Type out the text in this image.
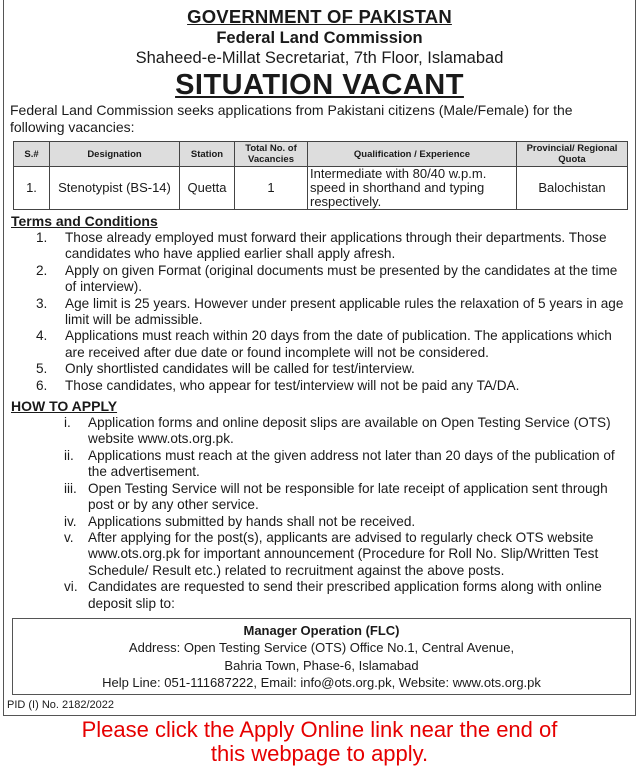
GOVERNMENT OF PAKISTAN
Federal Land Commission
Shaheed-e-Millat Secretariat, 7th Floor, Islamabad
SITUATION VACANT
Federal Land Commission seeks applications from Pakistani citizens (Male/Female) for the following vacancies:
S.#	Designation	Station	Total No. of Vacancies	Qualification / Experience	Provincial/ Regional Quota
1.	Stenotypist (BS-14)	Quetta	1	Intermediate with 80/40 w.p.m. speed in shorthand and typing respectively.	Balochistan
Terms and Conditions
1. Those already employed must forward their applications through their departments. Those candidates who have applied earlier shall apply afresh.
2. Apply on given Format (original documents must be presented by the candidates at the time of interview).
3. Age limit is 25 years. However under present applicable rules the relaxation of 5 years in age limit will be admissible.
4. Applications must reach within 20 days from the date of publication. The applications which are received after due date or found incomplete will not be considered.
5. Only shortlisted candidates will be called for test/interview.
6. Those candidates, who appear for test/interview will not be paid any TA/DA.
HOW TO APPLY
i. Application forms and online deposit slips are available on Open Testing Service (OTS) website www.ots.org.pk.
ii. Applications must reach at the given address not later than 20 days of the publication of the advertisement.
iii. Open Testing Service will not be responsible for late receipt of application sent through post or by any other service.
iv. Applications submitted by hands shall not be received.
v. After applying for the post(s), applicants are advised to regularly check OTS website www.ots.org.pk for important announcement (Procedure for Roll No. Slip/Written Test Schedule/ Result etc.) related to recruitment against the above posts.
vi. Candidates are requested to send their prescribed application forms along with online deposit slip to:
Manager Operation (FLC)
Address: Open Testing Service (OTS) Office No.1, Central Avenue,
Bahria Town, Phase-6, Islamabad
Help Line: 051-111687222, Email: info@ots.org.pk, Website: www.ots.org.pk
PID (I) No. 2182/2022
Please click the Apply Online link near the end of
this webpage to apply.
